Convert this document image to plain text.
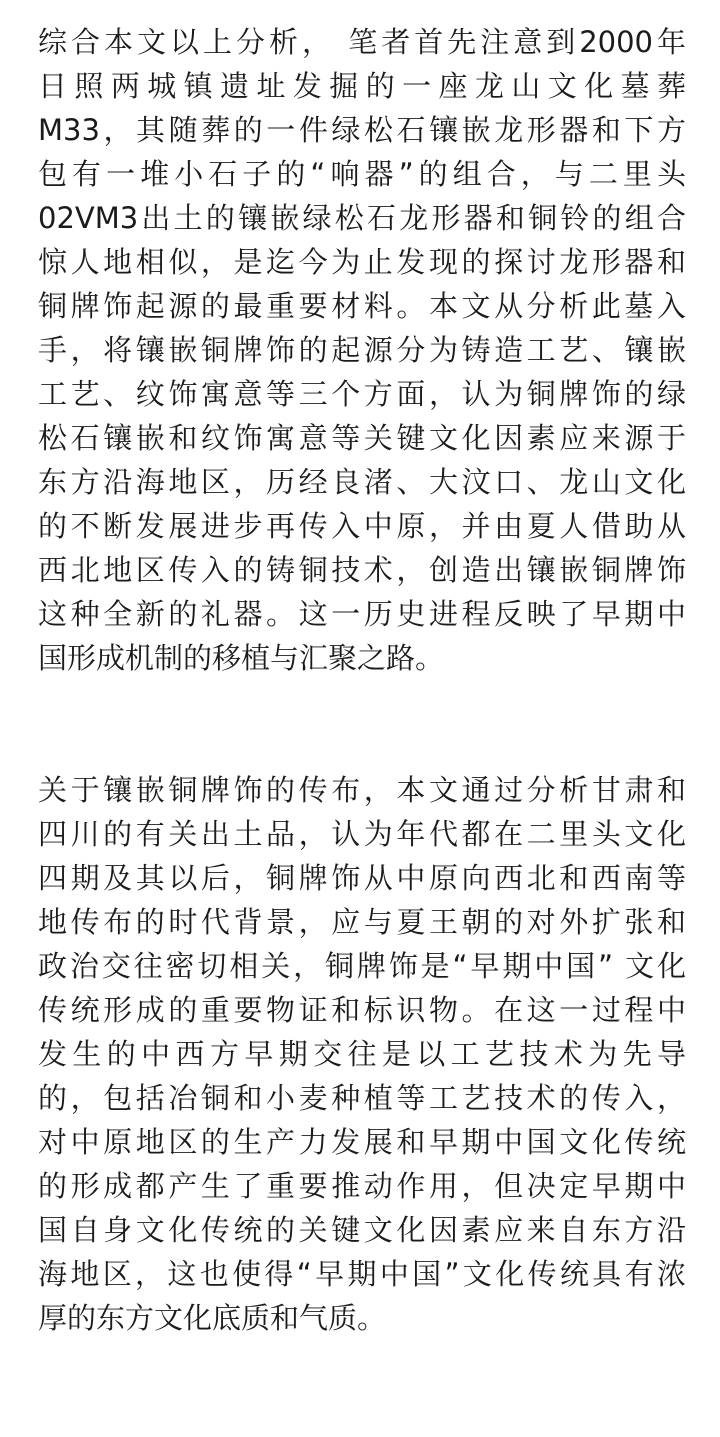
综合本文以上分析， 笔者首先注意到2000年
日照两城镇遗址发掘的一座龙山文化墓葬
M33，其随葬的一件绿松石镶嵌龙形器和下方
包有一堆小石子的“响器”的组合，与二里头
02VM3出土的镶嵌绿松石龙形器和铜铃的组合
惊人地相似，是迄今为止发现的探讨龙形器和
铜牌饰起源的最重要材料。本文从分析此墓入
手，将镶嵌铜牌饰的起源分为铸造工艺、镶嵌
工艺、纹饰寓意等三个方面，认为铜牌饰的绿
松石镶嵌和纹饰寓意等关键文化因素应来源于
东方沿海地区，历经良渚、大汶口、龙山文化
的不断发展进步再传入中原，并由夏人借助从
西北地区传入的铸铜技术，创造出镶嵌铜牌饰
这种全新的礼器。这一历史进程反映了早期中
国形成机制的移植与汇聚之路。
关于镶嵌铜牌饰的传布，本文通过分析甘肃和
四川的有关出土品，认为年代都在二里头文化
四期及其以后，铜牌饰从中原向西北和西南等
地传布的时代背景，应与夏王朝的对外扩张和
政治交往密切相关，铜牌饰是“早期中国” 文化
传统形成的重要物证和标识物。在这一过程中
发生的中西方早期交往是以工艺技术为先导
的，包括冶铜和小麦种植等工艺技术的传入，
对中原地区的生产力发展和早期中国文化传统
的形成都产生了重要推动作用，但决定早期中
国自身文化传统的关键文化因素应来自东方沿
海地区，这也使得“早期中国”文化传统具有浓
厚的东方文化底质和气质。
